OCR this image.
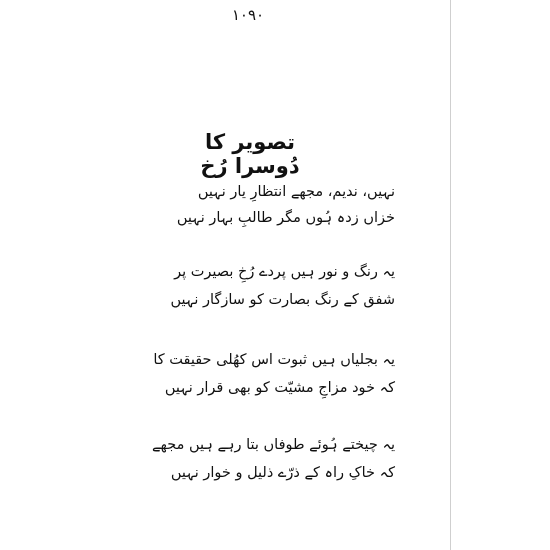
۱۰۹۰
تصویر کا دُوسرا رُخ
نہیں، ندیم، مجھے انتظارِ یار نہیں
خزاں زدہ ہُوں مگر طالبِ بہار نہیں
یہ رنگ و نور ہیں پردے رُخِ بصیرت پر
شفق کے رنگ بصارت کو سازگار نہیں
یہ بجلیاں ہیں ثبوت اس کھُلی حقیقت کا
کہ خود مزاجِ مشیّت کو بھی قرار نہیں
یہ چیختے ہُوئے طوفاں بتا رہے ہیں مجھے
کہ خاکِ راہ کے ذرّے ذلیل و خوار نہیں
